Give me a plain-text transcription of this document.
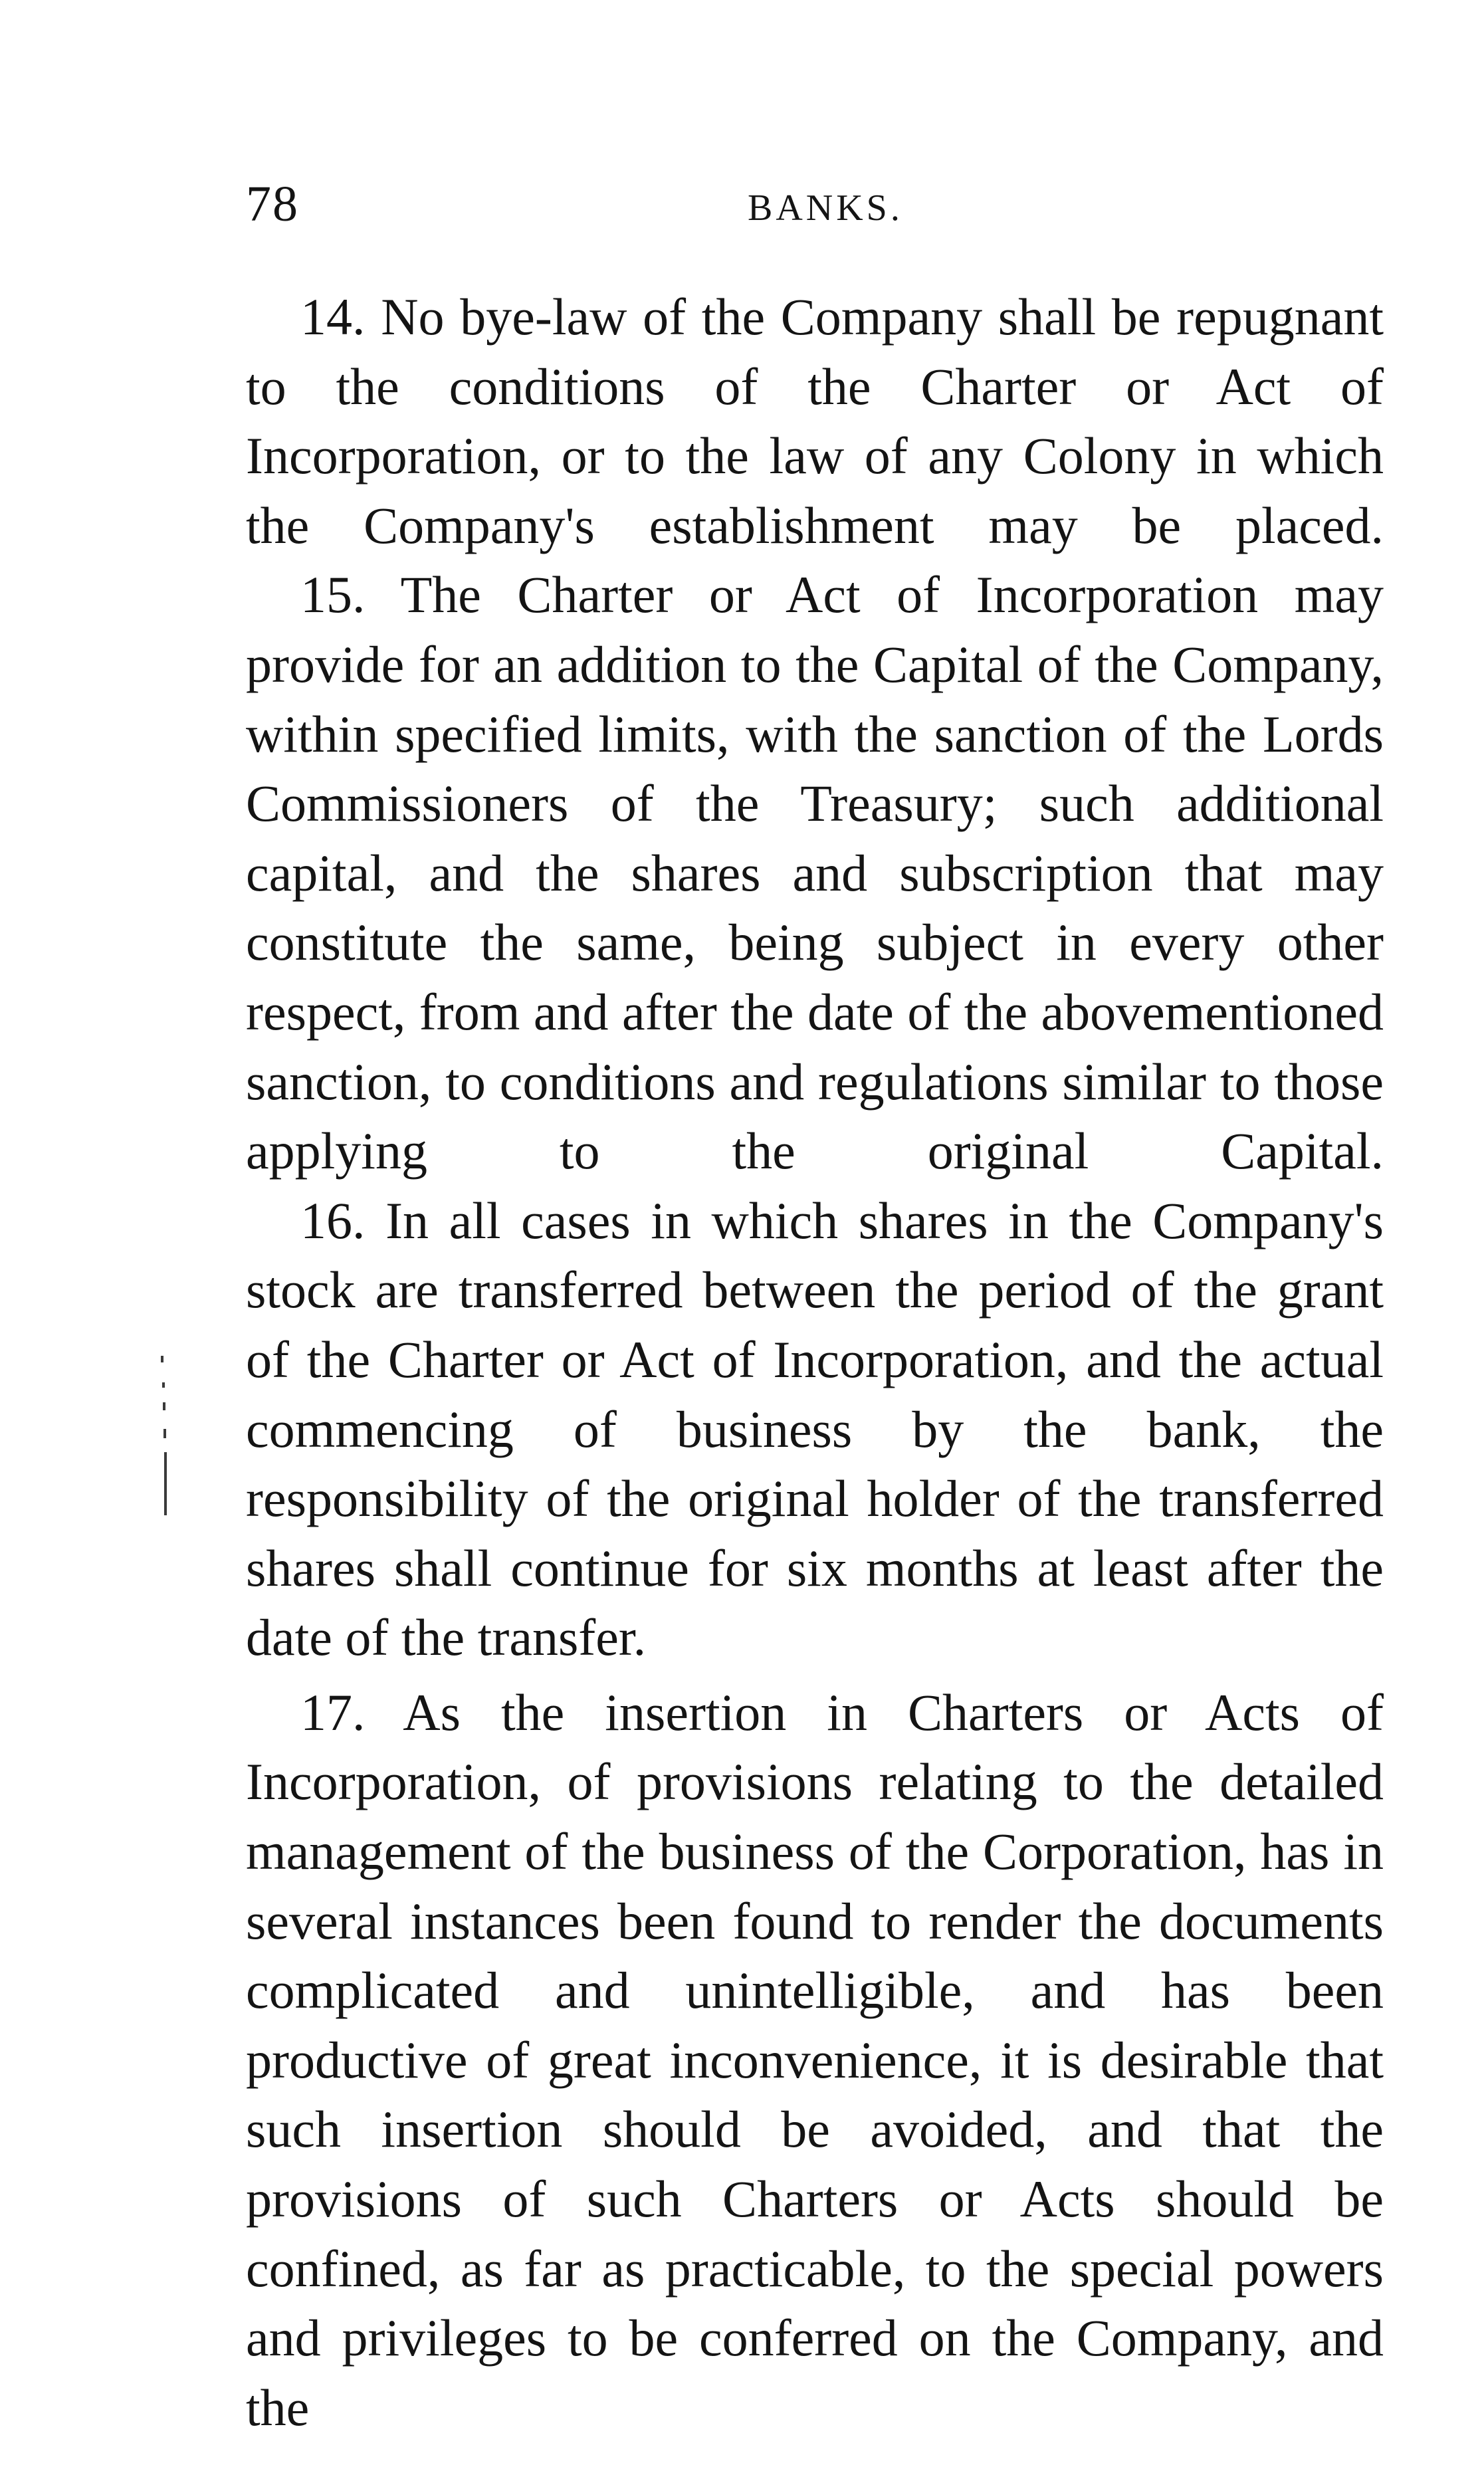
78	BANKS.

14. No bye-law of the Company shall be repugnant to the conditions of the Charter or Act of Incorporation, or to the law of any Colony in which the Company's establishment may be placed.

15. The Charter or Act of Incorporation may provide for an addition to the Capital of the Company, within specified limits, with the sanction of the Lords Commissioners of the Treasury; such additional capital, and the shares and subscription that may constitute the same, being subject in every other respect, from and after the date of the abovementioned sanction, to conditions and regulations similar to those applying to the original Capital.

16. In all cases in which shares in the Company's stock are transferred between the period of the grant of the Charter or Act of Incorporation, and the actual commencing of business by the bank, the responsibility of the original holder of the transferred shares shall continue for six months at least after the date of the transfer.

17. As the insertion in Charters or Acts of Incorporation, of provisions relating to the detailed management of the business of the Corporation, has in several instances been found to render the documents complicated and unintelligible, and has been productive of great inconvenience, it is desirable that such insertion should be avoided, and that the provisions of such Charters or Acts should be confined, as far as practicable, to the special powers and privileges to be conferred on the Company, and the
